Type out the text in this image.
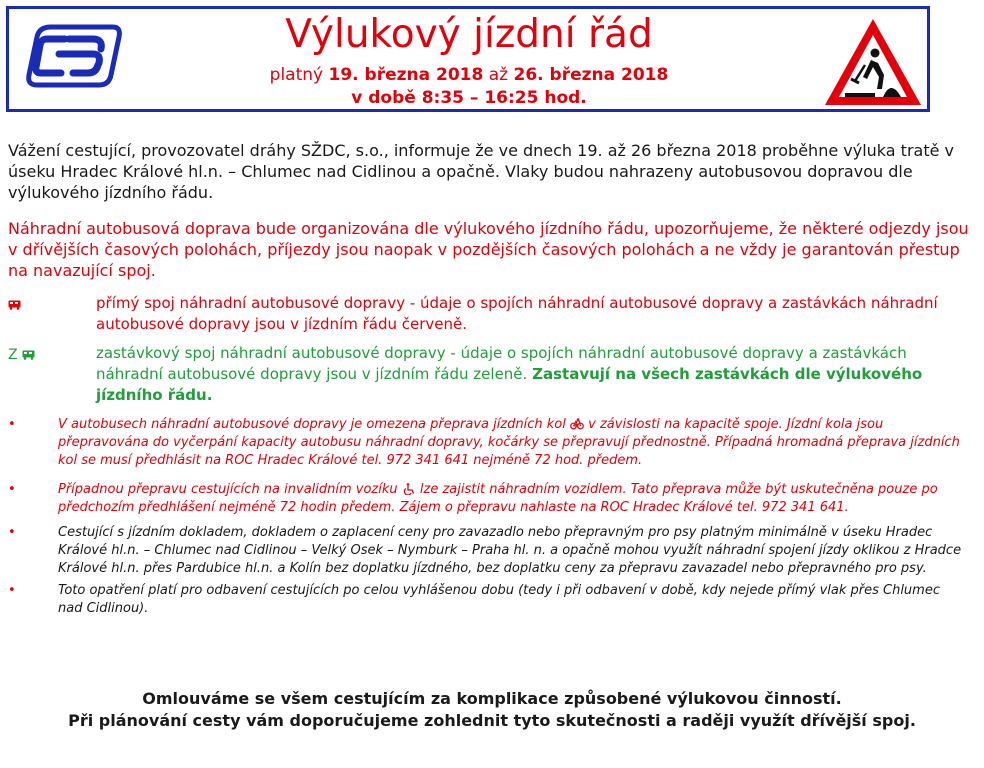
Výlukový jízdní řád
platný 19. března 2018 až 26. března 2018
v době 8:35 – 16:25 hod.

Vážení cestující, provozovatel dráhy SŽDC, s.o., informuje že ve dnech 19. až 26 března 2018 proběhne výluka tratě v úseku Hradec Králové hl.n. – Chlumec nad Cidlinou a opačně. Vlaky budou nahrazeny autobusovou dopravou dle výlukového jízdního řádu.

Náhradní autobusová doprava bude organizována dle výlukového jízdního řádu, upozorňujeme, že některé odjezdy jsou v dřívějších časových polohách, příjezdy jsou naopak v pozdějších časových polohách a ne vždy je garantován přestup na navazující spoj.

přímý spoj náhradní autobusové dopravy - údaje o spojích náhradní autobusové dopravy a zastávkách náhradní autobusové dopravy jsou v jízdním řádu červeně.
Z	zastávkový spoj náhradní autobusové dopravy - údaje o spojích náhradní autobusové dopravy a zastávkách náhradní autobusové dopravy jsou v jízdním řádu zeleně. Zastavují na všech zastávkách dle výlukového jízdního řádu.
•	V autobusech náhradní autobusové dopravy je omezena přeprava jízdních kol v závislosti na kapacitě spoje. Jízdní kola jsou přepravována do vyčerpání kapacity autobusu náhradní dopravy, kočárky se přepravují přednostně. Případná hromadná přeprava jízdních kol se musí předhlásit na ROC Hradec Králové tel. 972 341 641 nejméně 72 hod. předem.
•	Případnou přepravu cestujících na invalidním vozíku lze zajistit náhradním vozidlem. Tato přeprava může být uskutečněna pouze po předchozím předhlášení nejméně 72 hodin předem. Zájem o přepravu nahlaste na ROC Hradec Králové tel. 972 341 641.
•	Cestující s jízdním dokladem, dokladem o zaplacení ceny pro zavazadlo nebo přepravným pro psy platným minimálně v úseku Hradec Králové hl.n. – Chlumec nad Cidlinou – Velký Osek – Nymburk – Praha hl. n. a opačně mohou využít náhradní spojení jízdy oklikou z Hradce Králové hl.n. přes Pardubice hl.n. a Kolín bez doplatku jízdného, bez doplatku ceny za přepravu zavazadel nebo přepravného pro psy.
•	Toto opatření platí pro odbavení cestujících po celou vyhlášenou dobu (tedy i při odbavení v době, kdy nejede přímý vlak přes Chlumec nad Cidlinou).
Omlouváme se všem cestujícím za komplikace způsobené výlukovou činností.
Při plánování cesty vám doporučujeme zohlednit tyto skutečnosti a raději využít dřívější spoj.
